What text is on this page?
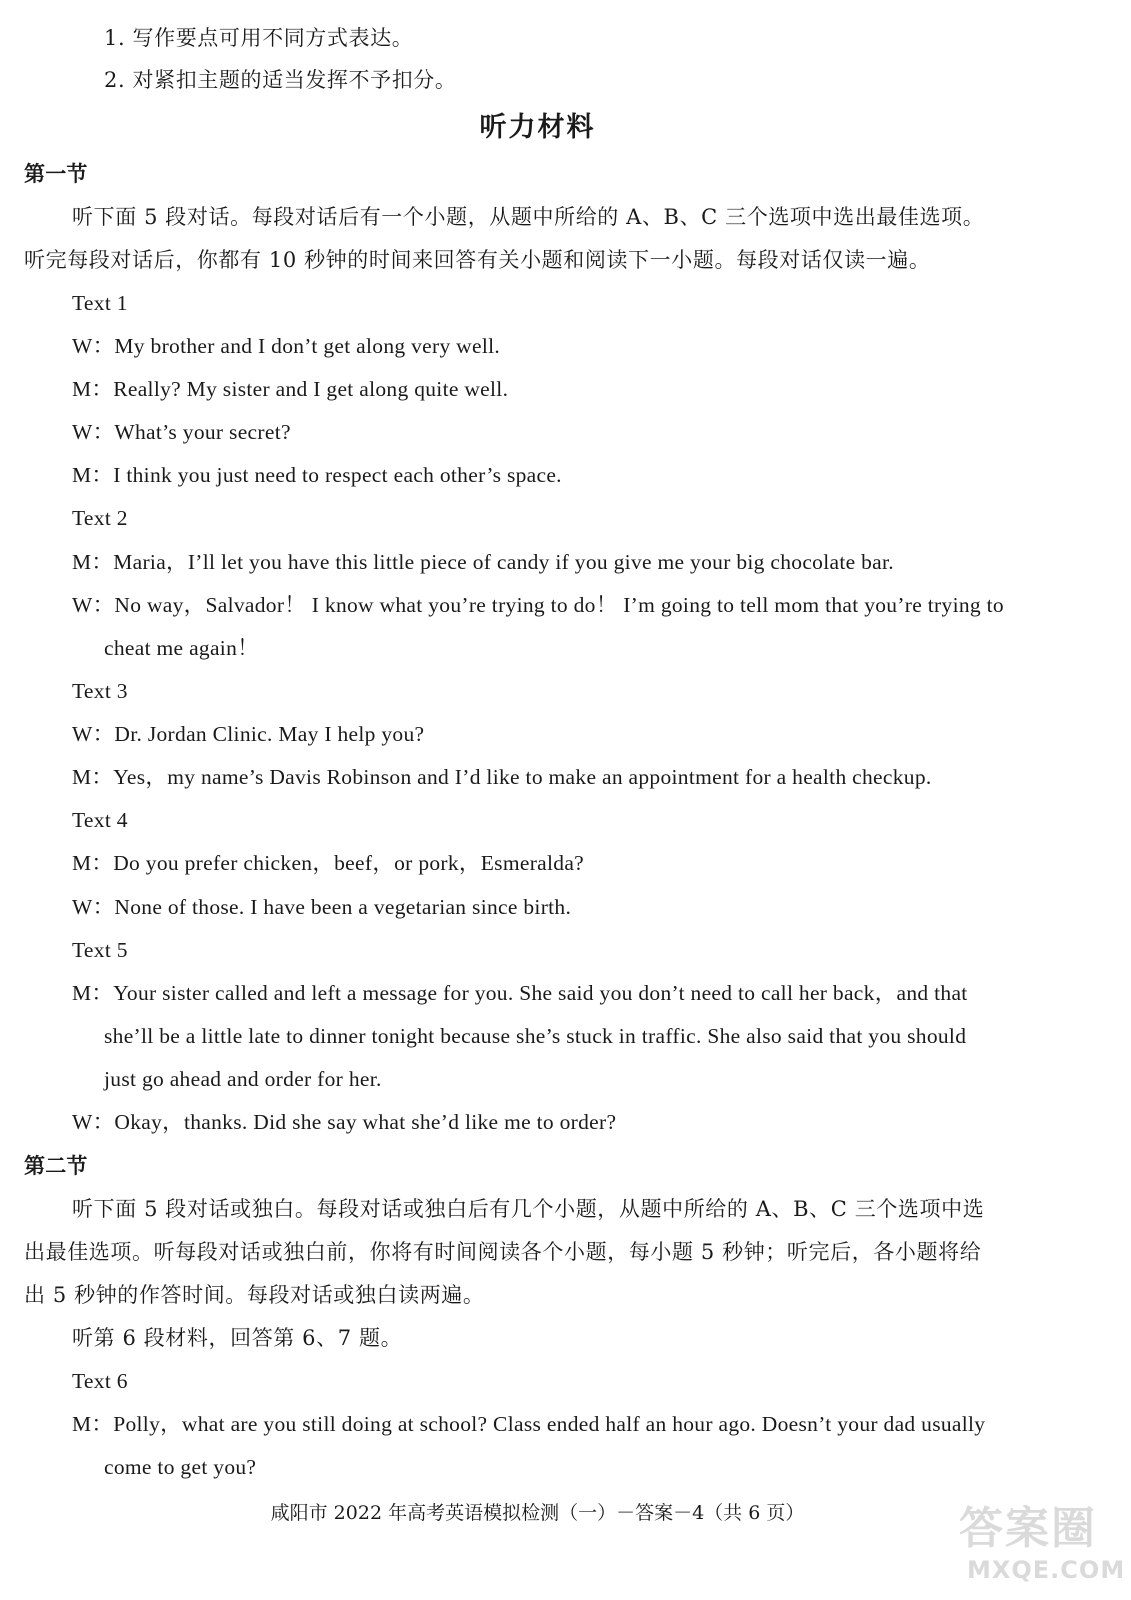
1. 写作要点可用不同方式表达。
2. 对紧扣主题的适当发挥不予扣分。
听力材料
第一节
听下面 5 段对话。每段对话后有一个小题，从题中所给的 A、B、C 三个选项中选出最佳选项。
听完每段对话后，你都有 10 秒钟的时间来回答有关小题和阅读下一小题。每段对话仅读一遍。
Text 1
W：My brother and I don’t get along very well.
M：Really? My sister and I get along quite well.
W：What’s your secret?
M：I think you just need to respect each other’s space.
Text 2
M：Maria，I’ll let you have this little piece of candy if you give me your big chocolate bar.
W：No way，Salvador！ I know what you’re trying to do！ I’m going to tell mom that you’re trying to
cheat me again！
Text 3
W：Dr. Jordan Clinic. May I help you?
M：Yes，my name’s Davis Robinson and I’d like to make an appointment for a health checkup.
Text 4
M：Do you prefer chicken，beef，or pork，Esmeralda?
W：None of those. I have been a vegetarian since birth.
Text 5
M：Your sister called and left a message for you. She said you don’t need to call her back，and that
she’ll be a little late to dinner tonight because she’s stuck in traffic. She also said that you should
just go ahead and order for her.
W：Okay，thanks. Did she say what she’d like me to order?
第二节
听下面 5 段对话或独白。每段对话或独白后有几个小题，从题中所给的 A、B、C 三个选项中选
出最佳选项。听每段对话或独白前，你将有时间阅读各个小题，每小题 5 秒钟；听完后，各小题将给
出 5 秒钟的作答时间。每段对话或独白读两遍。
听第 6 段材料，回答第 6、7 题。
Text 6
M：Polly，what are you still doing at school? Class ended half an hour ago. Doesn’t your dad usually
come to get you?
咸阳市 2022 年高考英语模拟检测（一）－答案－4（共 6 页）	答案圈
MXQE.COM
